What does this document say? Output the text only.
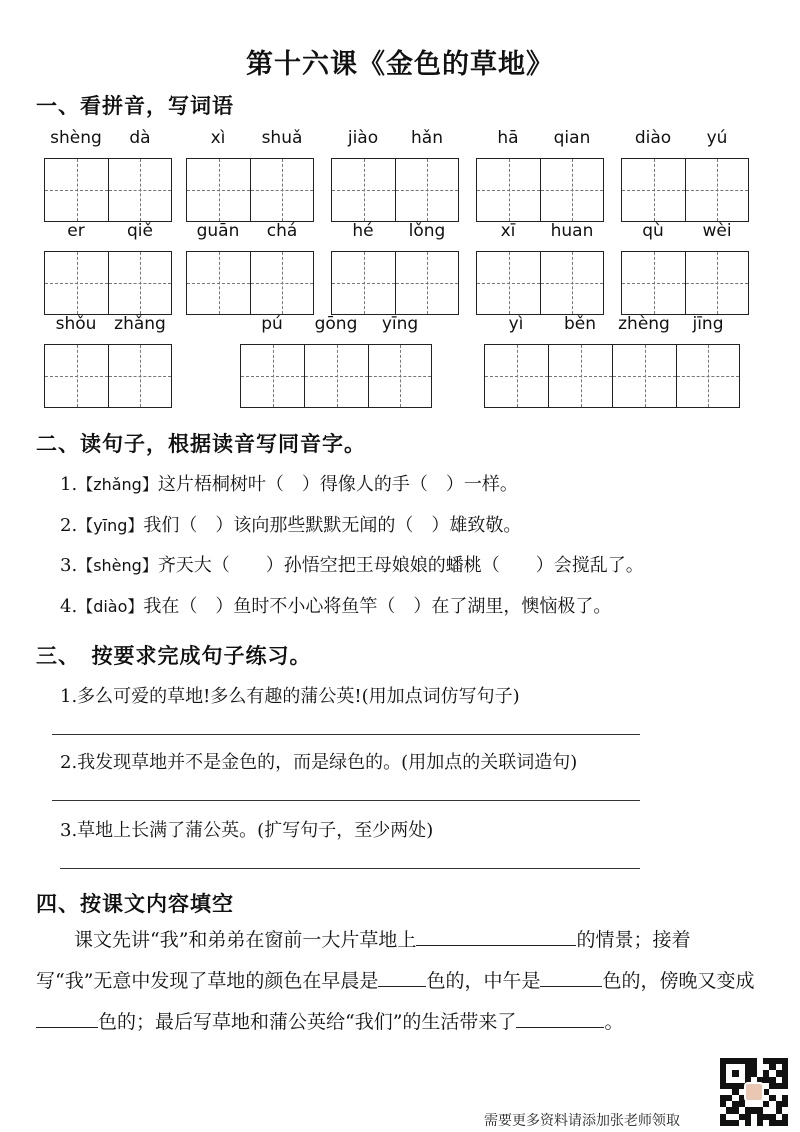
第十六课《金色的草地》
一、看拼音，写词语
shèng	dà	xì	shuǎ	jiào	hǎn	hā	qian	diào	yú
er	qiě	guān	chá	hé	lǒng	xī	huan	qù	wèi
shǒu	zhǎng	pú	gōng	yīng	yì	běn	zhèng	jīng
二、读句子，根据读音写同音字。
1.【zhǎng】这片梧桐树叶（　）得像人的手（　）一样。
2.【yīng】我们（　）该向那些默默无闻的（　）雄致敬。
3.【shèng】齐天大（　　）孙悟空把王母娘娘的蟠桃（　　）会搅乱了。
4.【diào】我在（　）鱼时不小心将鱼竿（　）在了湖里，懊恼极了。
三、　按要求完成句子练习。
1.多么可爱的草地!多么有趣的蒲公英!(用加点词仿写句子)
2.我发现草地并不是金色的，而是绿色的。(用加点的关联词造句)
3.草地上长满了蒲公英。(扩写句子，至少两处)
四、按课文内容填空
课文先讲“我”和弟弟在窗前一大片草地上	的情景；接着写“我”无意中发现了草地的颜色在早晨是	色的，中午是	色的，傍晚又变成色的；最后写草地和蒲公英给“我们”的生活带来了	。
需要更多资料请添加张老师领取
